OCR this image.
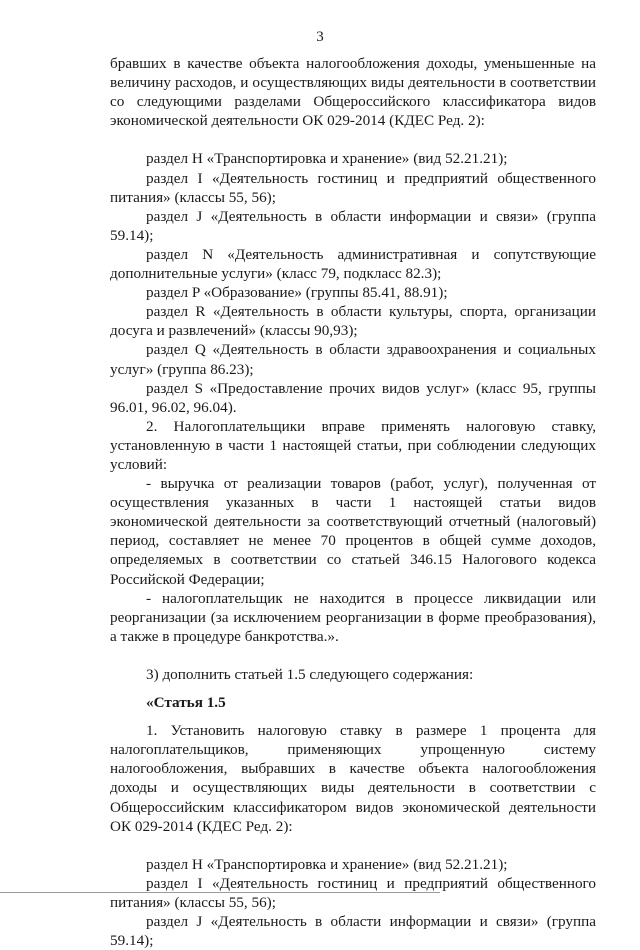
3

бравших в качестве объекта налогообложения доходы, уменьшенные на величину расходов, и осуществляющих виды деятельности в соответствии со следующими разделами Общероссийского классификатора видов экономической деятельности ОК 029-2014 (КДЕС Ред. 2):

раздел H «Транспортировка и хранение» (вид 52.21.21);

раздел I «Деятельность гостиниц и предприятий общественного питания» (классы 55, 56);

раздел J «Деятельность в области информации и связи» (группа 59.14);

раздел N «Деятельность административная и сопутствующие дополнительные услуги» (класс 79, подкласс 82.3);

раздел P «Образование» (группы 85.41, 88.91);

раздел R «Деятельность в области культуры, спорта, организации досуга и развлечений» (классы 90,93);

раздел Q «Деятельность в области здравоохранения и социальных услуг» (группа 86.23);

раздел S «Предоставление прочих видов услуг» (класс 95, группы 96.01, 96.02, 96.04).

2. Налогоплательщики вправе применять налоговую ставку, установленную в части 1 настоящей статьи, при соблюдении следующих условий:

- выручка от реализации товаров (работ, услуг), полученная от осуществления указанных в части 1 настоящей статьи видов экономической деятельности за соответствующий отчетный (налоговый) период, составляет не менее 70 процентов в общей сумме доходов, определяемых в соответствии со статьей 346.15 Налогового кодекса Российской Федерации;

- налогоплательщик не находится в процессе ликвидации или реорганизации (за исключением реорганизации в форме преобразования), а также в процедуре банкротства.».

3) дополнить статьей 1.5 следующего содержания:

«Статья 1.5

1. Установить налоговую ставку в размере 1 процента для налогоплательщиков, применяющих упрощенную систему налогообложения, выбравших в качестве объекта налогообложения доходы и осуществляющих виды деятельности в соответствии с Общероссийским классификатором видов экономической деятельности ОК 029-2014 (КДЕС Ред. 2):

раздел H «Транспортировка и хранение» (вид 52.21.21);

раздел I «Деятельность гостиниц и предприятий общественного питания» (классы 55, 56);

раздел J «Деятельность в области информации и связи» (группа 59.14);
